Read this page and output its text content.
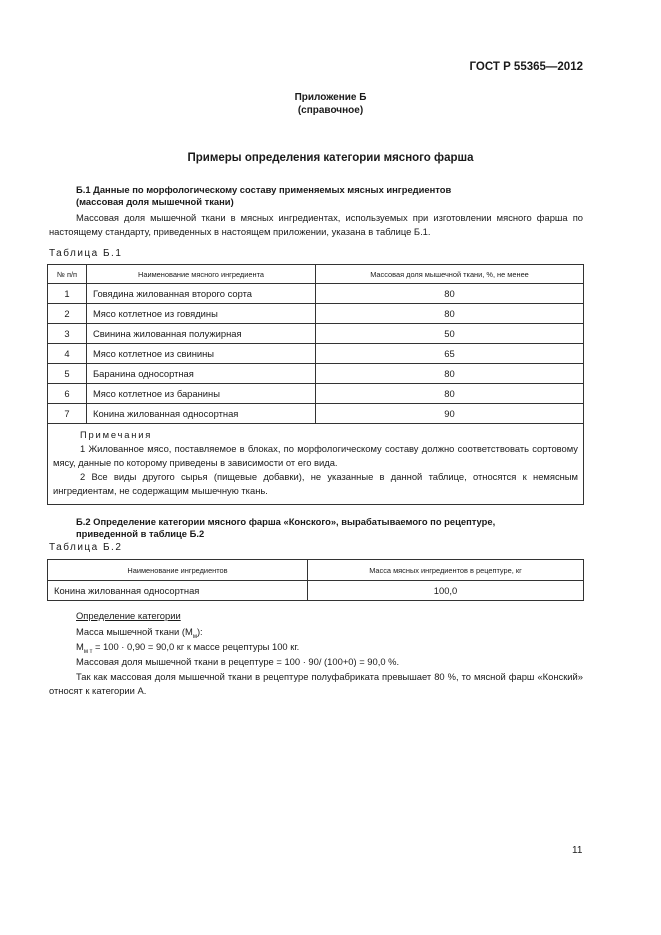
ГОСТ Р 55365—2012
Приложение Б
(справочное)
Примеры определения категории мясного фарша
Б.1 Данные по морфологическому составу применяемых мясных ингредиентов
(массовая доля мышечной ткани)
Массовая доля мышечной ткани в мясных ингредиентах, используемых при изготовлении мясного фарша по настоящему стандарту, приведенных в настоящем приложении, указана в таблице Б.1.
Таблица Б.1
№ п/п	Наименование мясного ингредиента	Массовая доля мышечной ткани, %, не менее
1	Говядина жилованная второго сорта	80
2	Мясо котлетное из говядины	80
3	Свинина жилованная полужирная	50
4	Мясо котлетное из свинины	65
5	Баранина односортная	80
6	Мясо котлетное из баранины	80
7	Конина жилованная односортная	90

Примечания
1 Жилованное мясо, поставляемое в блоках, по морфологическому составу должно соответствовать сортовому мясу, данные по которому приведены в зависимости от его вида.
2 Все виды другого сырья (пищевые добавки), не указанные в данной таблице, относятся к немясным ингредиентам, не содержащим мышечную ткань.		
Б.2 Определение категории мясного фарша «Конского», вырабатываемого по рецептуре,
приведенной в таблице Б.2
Таблица Б.2
Наименование ингредиентов	Масса мясных ингредиентов в рецептуре, кг
Конина жилованная односортная	100,0
Определение категории
Масса мышечной ткани $(М_м)$:
$М_{м т} = 100 \cdot 0,90 = 90,0$ кг к массе рецептуры 100 кг.
Массовая доля мышечной ткани в рецептуре = 100 · 90/ (100+0) = 90,0 %.
Так как массовая доля мышечной ткани в рецептуре полуфабриката превышает 80 %, то мясной фарш «Конский» относят к категории А.
11
